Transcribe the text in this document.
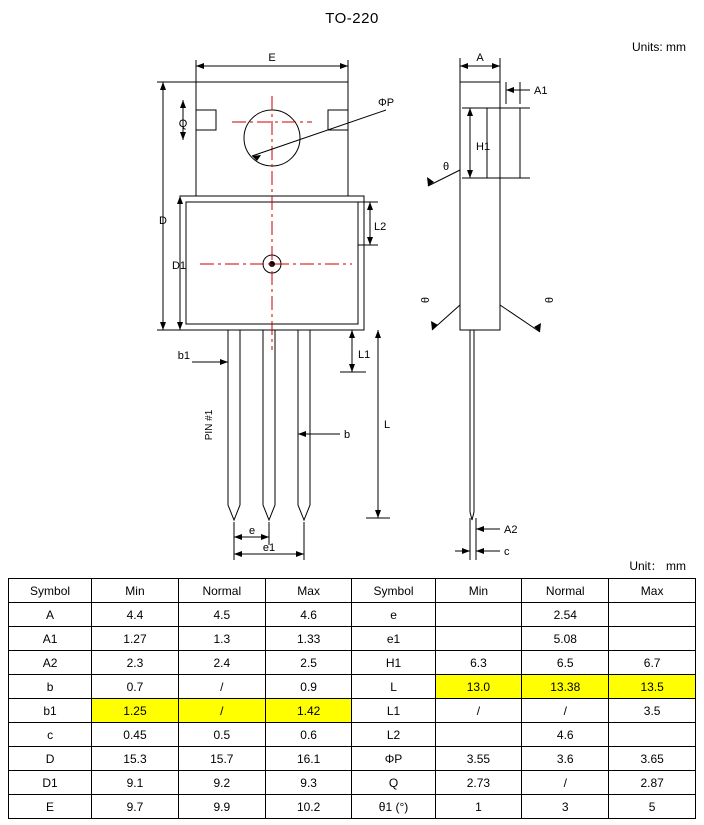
TO-220
Units: mm
Unit： mm
E
Q
D
D1
ΦP
L2
b1	L1
b
L
PIN #1
e
e1
θ
θ	θ
A
A1
H1
A2
c
Symbol	Min	Normal	Max	Symbol	Min	Normal	Max
A	4.4	4.5	4.6	e		2.54	
A1	1.27	1.3	1.33	e1		5.08	
A2	2.3	2.4	2.5	H1	6.3	6.5	6.7
b	0.7	/	0.9	L	13.0	13.38	13.5
b1	1.25	/	1.42	L1	/	/	3.5
c	0.45	0.5	0.6	L2		4.6	
D	15.3	15.7	16.1	ΦP	3.55	3.6	3.65
D1	9.1	9.2	9.3	Q	2.73	/	2.87
E	9.7	9.9	10.2	θ1 (°)	1	3	5
